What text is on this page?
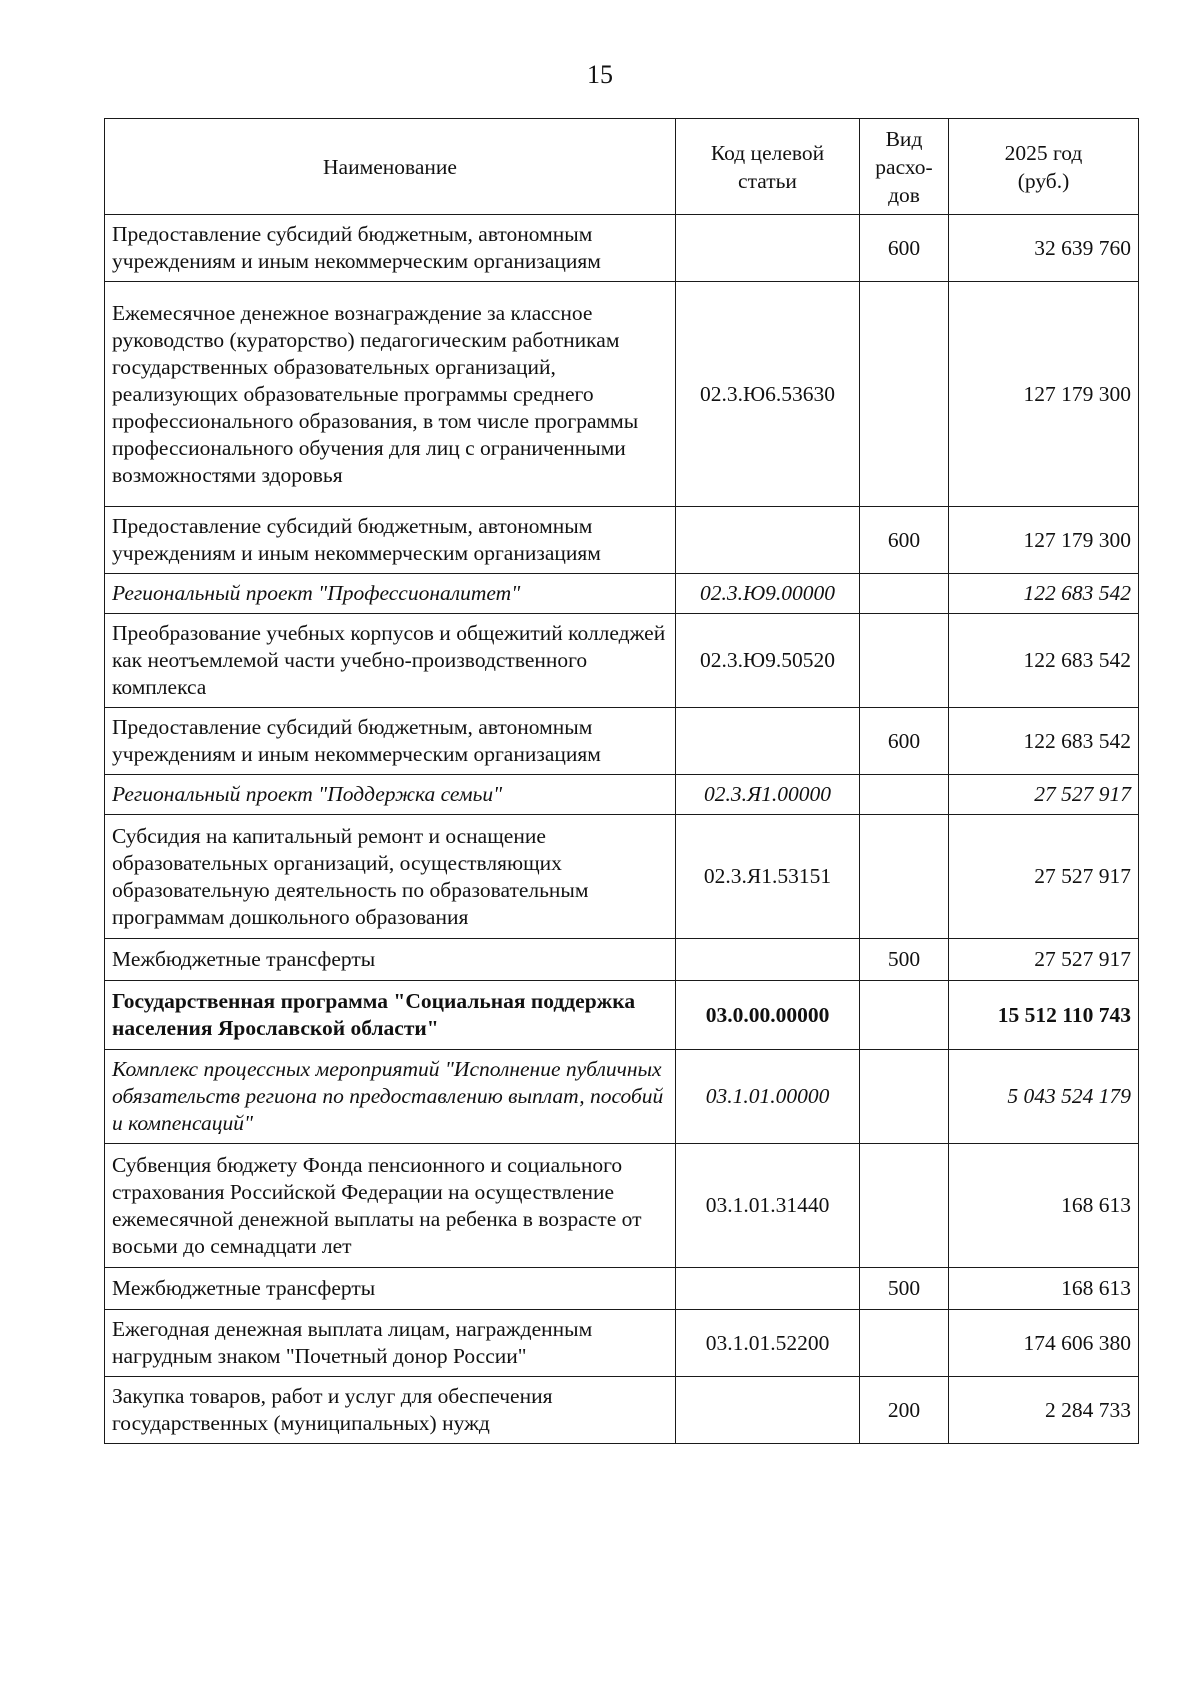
15
Наименование	Код целевой статьи	Вид расхо-дов	2025 год (руб.)
Предоставление субсидий бюджетным, автономным учреждениям и иным некоммерческим организациям		600	32 639 760
Ежемесячное денежное вознаграждение за классное руководство (кураторство) педагогическим работникам государственных образовательных организаций, реализующих образовательные программы среднего профессионального образования, в том числе программы профессионального обучения для лиц с ограниченными возможностями здоровья	02.3.Ю6.53630		127 179 300
Предоставление субсидий бюджетным, автономным учреждениям и иным некоммерческим организациям		600	127 179 300
Региональный проект "Профессионалитет"	02.3.Ю9.00000		122 683 542
Преобразование учебных корпусов и общежитий колледжей как неотъемлемой части учебно-производственного комплекса	02.3.Ю9.50520		122 683 542
Предоставление субсидий бюджетным, автономным учреждениям и иным некоммерческим организациям		600	122 683 542
Региональный проект "Поддержка семьи"	02.3.Я1.00000		27 527 917
Субсидия на капитальный ремонт и оснащение образовательных организаций, осуществляющих образовательную деятельность по образовательным программам дошкольного образования	02.3.Я1.53151		27 527 917
Межбюджетные трансферты		500	27 527 917
Государственная программа "Социальная поддержка населения Ярославской области"	03.0.00.00000		15 512 110 743
Комплекс процессных мероприятий "Исполнение публичных обязательств региона по предоставлению выплат, пособий и компенсаций"	03.1.01.00000		5 043 524 179
Субвенция бюджету Фонда пенсионного и социального страхования Российской Федерации на осуществление ежемесячной денежной выплаты на ребенка в возрасте от восьми до семнадцати лет	03.1.01.31440		168 613
Межбюджетные трансферты		500	168 613
Ежегодная денежная выплата лицам, награжденным нагрудным знаком "Почетный донор России"	03.1.01.52200		174 606 380
Закупка товаров, работ и услуг для обеспечения государственных (муниципальных) нужд		200	2 284 733
